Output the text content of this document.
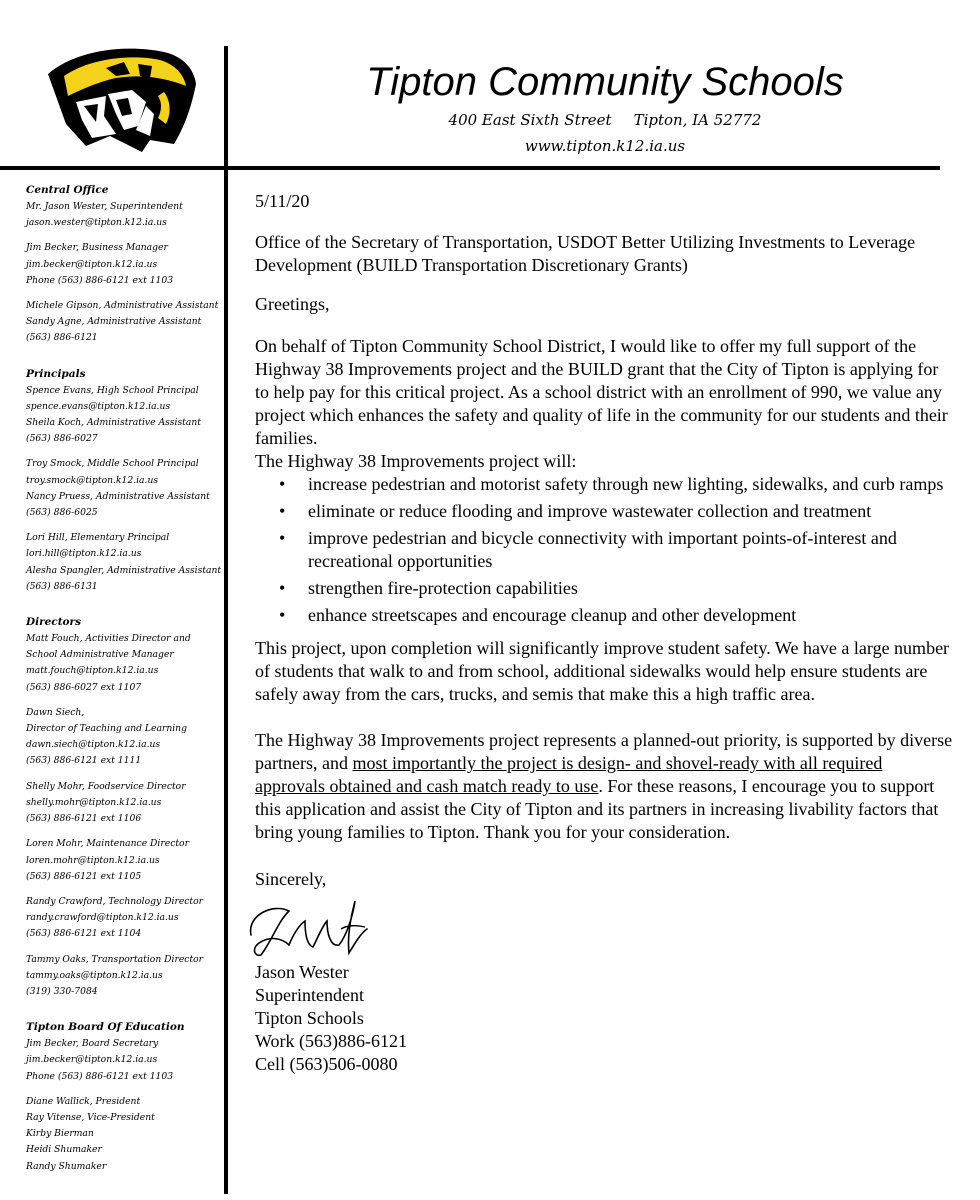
Tipton Community Schools
400 East Sixth Street Tipton, IA 52772
www.tipton.k12.ia.us
Central Office
Mr. Jason Wester, Superintendent
jason.wester@tipton.k12.ia.us
Jim Becker, Business Manager
jim.becker@tipton.k12.ia.us
Phone (563) 886-6121 ext 1103
Michele Gipson, Administrative Assistant
Sandy Agne, Administrative Assistant
(563) 886-6121
Principals
Spence Evans, High School Principal
spence.evans@tipton.k12.ia.us
Sheila Koch, Administrative Assistant
(563) 886-6027
Troy Smock, Middle School Principal
troy.smock@tipton.k12.ia.us
Nancy Pruess, Administrative Assistant
(563) 886-6025
Lori Hill, Elementary Principal
lori.hill@tipton.k12.ia.us
Alesha Spangler, Administrative Assistant
(563) 886-6131
Directors
Matt Fouch, Activities Director and
School Administrative Manager
matt.fouch@tipton.k12.ia.us
(563) 886-6027 ext 1107
Dawn Siech,
Director of Teaching and Learning
dawn.siech@tipton.k12.ia.us
(563) 886-6121 ext 1111
Shelly Mohr, Foodservice Director
shelly.mohr@tipton.k12.ia.us
(563) 886-6121 ext 1106
Loren Mohr, Maintenance Director
loren.mohr@tipton.k12.ia.us
(563) 886-6121 ext 1105
Randy Crawford, Technology Director
randy.crawford@tipton.k12.ia.us
(563) 886-6121 ext 1104
Tammy Oaks, Transportation Director
tammy.oaks@tipton.k12.ia.us
(319) 330-7084
Tipton Board Of Education
Jim Becker, Board Secretary
jim.becker@tipton.k12.ia.us
Phone (563) 886-6121 ext 1103
Diane Wallick, President
Ray Vitense, Vice-President
Kirby Bierman
Heidi Shumaker
Randy Shumaker

5/11/20

Office of the Secretary of Transportation, USDOT Better Utilizing Investments to Leverage Development (BUILD Transportation Discretionary Grants)

Greetings,

On behalf of Tipton Community School District, I would like to offer my full support of the Highway 38 Improvements project and the BUILD grant that the City of Tipton is applying for to help pay for this critical project. As a school district with an enrollment of 990, we value any project which enhances the safety and quality of life in the community for our students and their families.

The Highway 38 Improvements project will:

• increase pedestrian and motorist safety through new lighting, sidewalks, and curb ramps
• eliminate or reduce flooding and improve wastewater collection and treatment
• improve pedestrian and bicycle connectivity with important points-of-interest and recreational opportunities
• strengthen fire-protection capabilities
• enhance streetscapes and encourage cleanup and other development

This project, upon completion will significantly improve student safety. We have a large number of students that walk to and from school, additional sidewalks would help ensure students are safely away from the cars, trucks, and semis that make this a high traffic area.

The Highway 38 Improvements project represents a planned-out priority, is supported by diverse partners, and most importantly the project is design- and shovel-ready with all required approvals obtained and cash match ready to use. For these reasons, I encourage you to support this application and assist the City of Tipton and its partners in increasing livability factors that bring young families to Tipton. Thank you for your consideration.

Sincerely,

Jason Wester

Superintendent

Tipton Schools

Work (563)886-6121

Cell (563)506-0080
